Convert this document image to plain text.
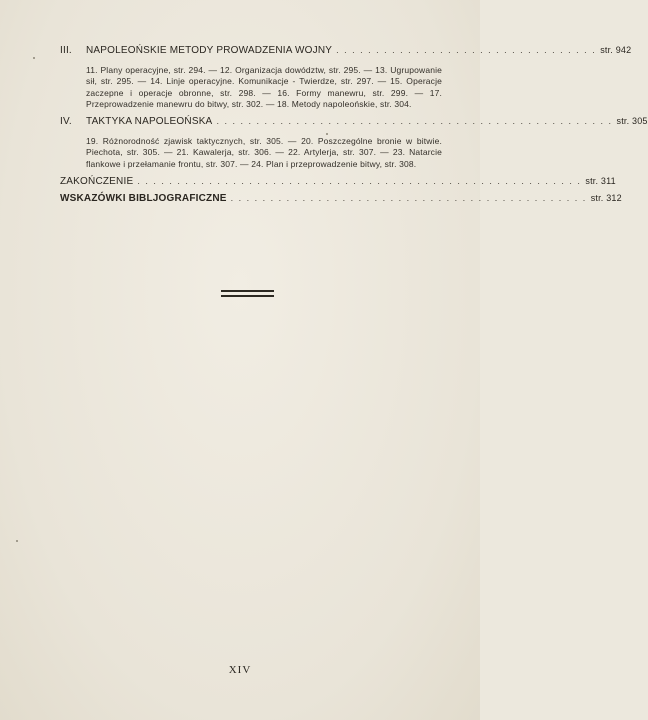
III.	NAPOLEOŃSKIE METODY PROWADZENIA WOJNY . . . . . . . . . . . . . . . . . . . . . . . . . . . . . . . . . str. 942
11. Plany operacyjne, str. 294. — 12. Organizacja dowództw, str. 295. — 13. Ugrupowanie sił, str. 295. — 14. Linje operacyjne. Komunikacje - Twierdze, str. 297. — 15. Operacje zaczepne i operacje obronne, str. 298. — 16. Formy manewru, str. 299. — 17. Przeprowadzenie manewru do bitwy, str. 302. — 18. Metody napoleońskie, str. 304.
IV.	TAKTYKA NAPOLEOŃSKA . . . . . . . . . . . . . . . . . . . . . . . . . . . . . . . . . . . . . . . . . . . . . . . . . . str. 305
19. Różnorodność zjawisk taktycznych, str. 305. — 20. Poszczególne bronie w bitwie. Piechota, str. 305. — 21. Kawalerja, str. 306. — 22. Artylerja, str. 307. — 23. Natarcie flankowe i przełamanie frontu, str. 307. — 24. Plan i przeprowadzenie bitwy, str. 308.
ZAKOŃCZENIE . . . . . . . . . . . . . . . . . . . . . . . . . . . . . . . . . . . . . . . . . . . . . . . . . . . . . . . . str. 311
WSKAZÓWKI BIBLJOGRAFICZNE . . . . . . . . . . . . . . . . . . . . . . . . . . . . . . . . . . . . . . . . . . . . . str. 312
XIV
